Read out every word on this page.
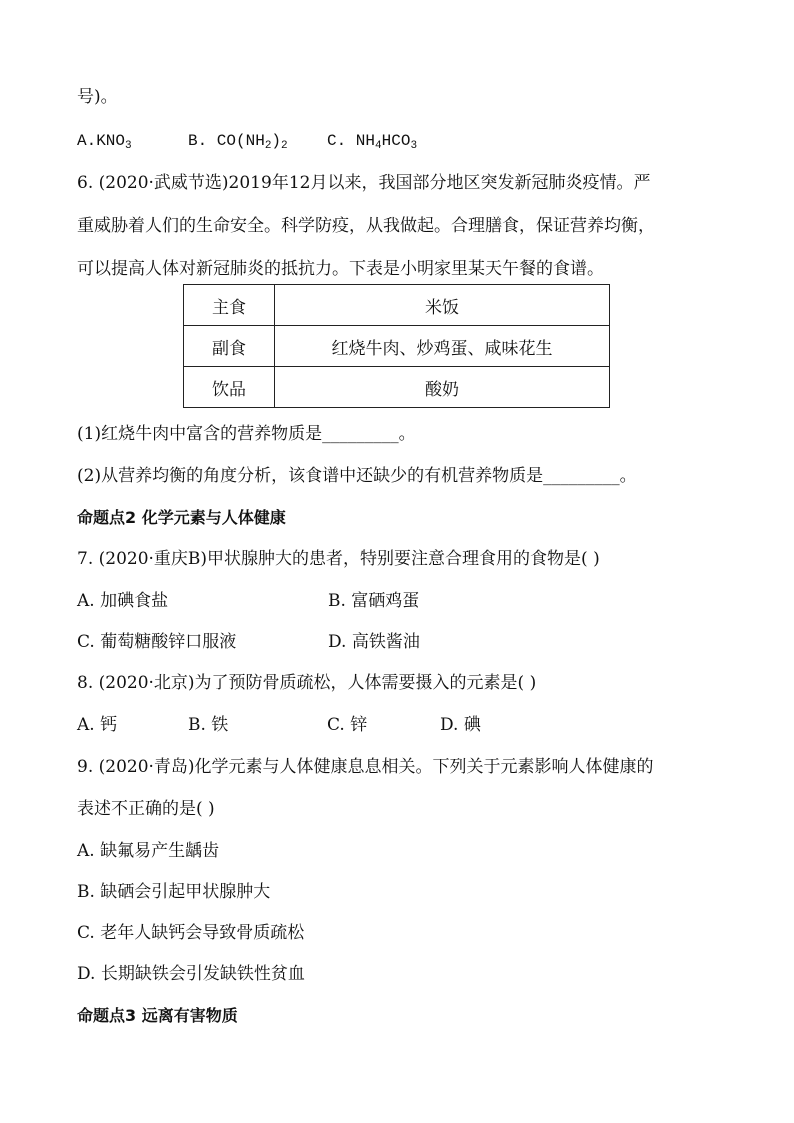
号)。
$A.KNO_3$	B. $CO(NH_2)_2$ C. $NH_4HCO_3$
6. (2020·武威节选)2019年12月以来，我国部分地区突发新冠肺炎疫情。严
重威胁着人们的生命安全。科学防疫，从我做起。合理膳食，保证营养均衡，
可以提高人体对新冠肺炎的抵抗力。下表是小明家里某天午餐的食谱。
主食	米饭
副食	红烧牛肉、炒鸡蛋、咸味花生
饮品	酸奶
(1)红烧牛肉中富含的营养物质是_________。
(2)从营养均衡的角度分析，该食谱中还缺少的有机营养物质是_________。
命题点2 化学元素与人体健康
7. (2020·重庆B)甲状腺肿大的患者，特别要注意合理食用的食物是( )
A. 加碘食盐	B. 富硒鸡蛋
C. 葡萄糖酸锌口服液	D. 高铁酱油
8. (2020·北京)为了预防骨质疏松，人体需要摄入的元素是( )
A. 钙	B. 铁	C. 锌	D. 碘
9. (2020·青岛)化学元素与人体健康息息相关。下列关于元素影响人体健康的
表述不正确的是( )
A. 缺氟易产生龋齿
B. 缺硒会引起甲状腺肿大
C. 老年人缺钙会导致骨质疏松
D. 长期缺铁会引发缺铁性贫血
命题点3 远离有害物质
